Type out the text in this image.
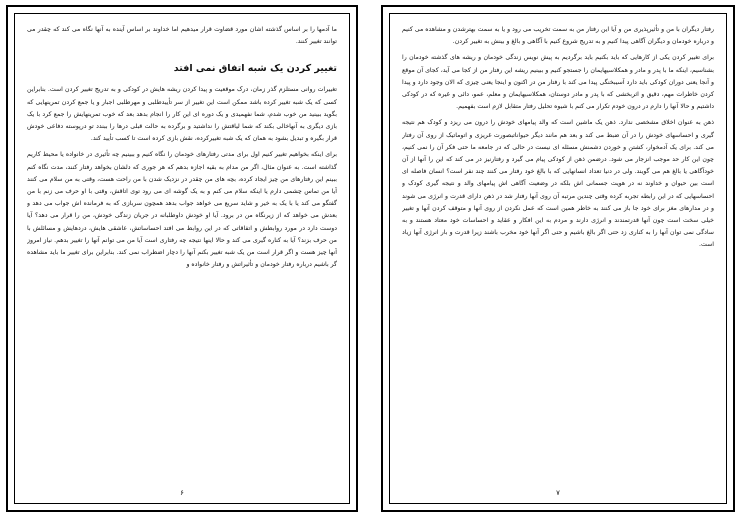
ما آدمها را بر اساس گذشته اشان مورد قضاوت قرار میدهیم اما خداوند بر اساس آینده به آنها نگاه می کند که چقدر می توانند تغییر کنند.

تغییر کردن یک شبه اتفاق نمی افتد

تغییرات روانی مستلزم گذر زمان، درک موقعیت و پیدا کردن ریشه هایش در کودکی و به تدریج تغییر کردن است. بنابراین کسی که یک شبه تغییر کرده باشد ممکن است این تغییر از سر تأییدطلبی و مهرطلبی اجبار و یا جمع کردن تمرینهایی که بگوید ببینید من خوب شدم، شما نفهمیدی و یک دوره ای این کار را انجام بدهد بعد که خوب تمرینهایش را جمع کرد با یک بازی دیگری به آنهاخالی بکند که شما لیاقتش را نداشتید و برگرده به حالت قبلی درها را ببندد تو درپوسته دفاعی خودش قرار بگیره و تبدیل بشود به همان که یک شبه تغییرکرده، نقش بازی کرده است تا کسب تأیید کند.

برای اینکه بخواهیم تغییر کنیم اول برای مدتی رفتارهای خودمان را نگاه کنیم و ببینیم چه تأثیری در خانواده یا محیط کاریم گذاشته است. به عنوان مثال، اگر من مدام به بقیه اجازه بدهم که هر جوری که دلشان بخواهد رفتار کنند، مدت نگاه کنم ببینم این رفتارهای من چیز ایجاد کرده، بچه های من چقدر در نزدیک شدن با من راحت هست، وقتی به من سلام می کنند آیا من تماس چشمی دارم یا اینکه سلام می کنم و به یک گوشه ای می رود توی اتاقش، وقتی با او حرف می زنم با من گفتگو می کند یا با یک به خیر و شاید سریع می خواهد جواب بدهد همچون سربازی که به فرمانده اش جواب می دهد و بعدش می خواهد که از زیرنگاه من در برود. آیا او خودش داوطلبانه در جریان زندگی خودش، من را قرار می دهد؟ آیا دوست دارد در مورد روابطش و اتفاقاتی که در این روابط می افتد احساساتش، عاشقی هایش، دردهایش و مسائلش با من حرف بزند؟ آیا به کناره گیری می کند و حالا اینها نتیجه چه رفتاری است آیا من می توانم آنها را تغییر بدهم. نیاز امروز آنها چیز هست و اگر قرار است من یک شبه تغییر بکنم آنها را دچار اضطراب نمی کند. بنابراین برای تغییر ما باید مشاهده گر باشیم درباره رفتار خودمان و تأثیراتش و رفتار خانواده و

۶

رفتار دیگران با من و تأثیرپذیری من و آیا این رفتار من به سمت تخریب می رود و یا به سمت بهترشدن و مشاهده می کنیم و درباره خودمان و دیگران آگاهی پیدا کنیم و به تدریج شروع کنیم با آگاهی و بالغ و بینش به تغییر کردن.

برای تغییر کردن یکی از کارهایی که باید بکنیم باید برگردیم به پیش نویس زندگی خودمان و ریشه های گذشته خودمان را بشناسیم، اینکه ما با پدر و مادر و همکلاسیهایمان را جستجو کنیم و ببینیم ریشه این رفتار من از کجا می آید، کجای آن موقع و آنجا یعنی دوران کودکی باید دارد آسیبخنگی پیدا می کند با رفتار من در اکنون و اینجا یعنی چیزی که الان وجود دارد و پیدا کردن خاطرات مهم، دقیق و اثربخشی که با پدر و مادر دوستان، همکلاسیهایمان و معلم، عمو، دائی و غیره که در کودکی داشتیم و حالا آنها را دارم در درون خودم تکرار می کنم با شیوه تحلیل رفتار متقابل لازم است بفهمیم.

ذهن به عنوان اخلاق مشخصی ندارد. ذهن یک ماشین است که والد پیامهای خودش را درون می ریزد و کودک هم نتیجه گیری و احساسهای خودش را در آن ضبط می کند و بعد هم مانند دیگر حیواناتبصورت غریزی و اتوماتیک از روی آن رفتار می کند. برای یک آدمخوار، کشتن و خوردن دشمنش مسئله ای نیست در حالی که در جامعه ما حتی فکر آن را نمی کنیم، چون این کار حد موجب انزجار می شود. درضمن ذهن از کودکی پیام می گیرد و رفتارنیز در می کند که این را آنها از آن خودآگاهی یا بالغ هم می گویند. ولی در دنیا تعداد انسانهایی که با بالغ خود رفتار می کنند چند نفر است؟ انسان فاصله ای است بین حیوان و خداوند نه در هویت جسمانی اش بلکه در وضعیت آگاهی اش پیامهای والد و نتیجه گیری کودک و احساسهایی که در این رابطه تجربه کرده وقتی چندین مرتبه آن روی آنها رفتار شد در ذهن دارای قدرت و انرژی می شوند و در مدارهای مغز برای خود جا باز می کنند به خاطر همین است که عمل نکردن از روی آنها و متوقف کردن آنها و تغییر خیلی سخت است چون آنها قدرتمندند و انرژی دارند و مردم به این افکار و عقاید و احساسات خود معتاد هستند و به سادگی نمی توان آنها را به کناری زد حتی اگر بالغ باشیم و حتی اگر آنها خود مخرب باشند زیرا قدرت و بار انرژی آنها زیاد است.

۷
